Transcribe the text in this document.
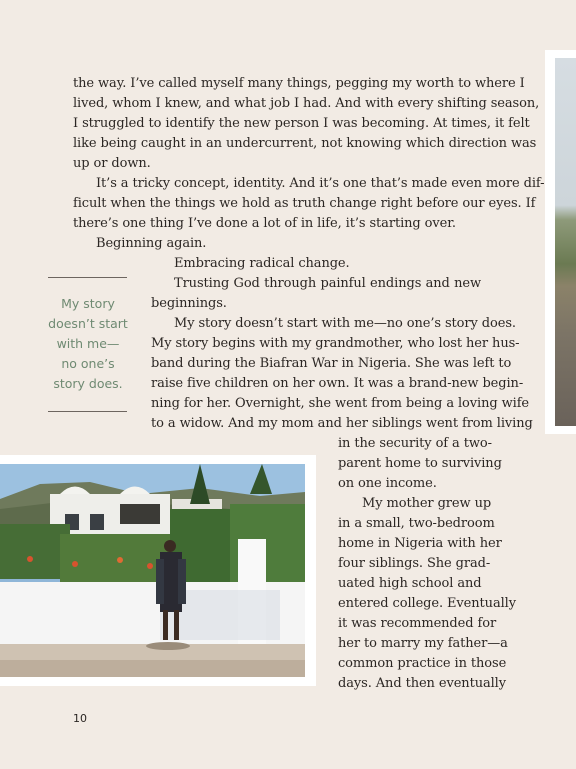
the way. I’ve called myself many things, pegging my worth to where I
lived, whom I knew, and what job I had. And with every shifting season,
I struggled to identify the new person I was becoming. At times, it felt
like being caught in an undercurrent, not knowing which direction was
up or down.
It’s a tricky concept, identity. And it’s one that’s made even more dif-
ficult when the things we hold as truth change right before our eyes. If
there’s one thing I’ve done a lot of in life, it’s starting over.
Beginning again.
Embracing radical change.
Trusting God through painful endings and new
beginnings.
My story doesn’t start with me—no one’s story does.
My story begins with my grandmother, who lost her hus-
band during the Biafran War in Nigeria. She was left to
raise five children on her own. It was a brand-new begin-
ning for her. Overnight, she went from being a loving wife
to a widow. And my mom and her siblings went from living
in the security of a two-
parent home to surviving
on one income.
My mother grew up
in a small, two-bedroom
home in Nigeria with her
four siblings. She grad-
uated high school and
entered college. Eventually
it was recommended for
her to marry my father—a
common practice in those
days. And then eventually
My story
doesn’t start
with me—
no one’s
story does.
10
